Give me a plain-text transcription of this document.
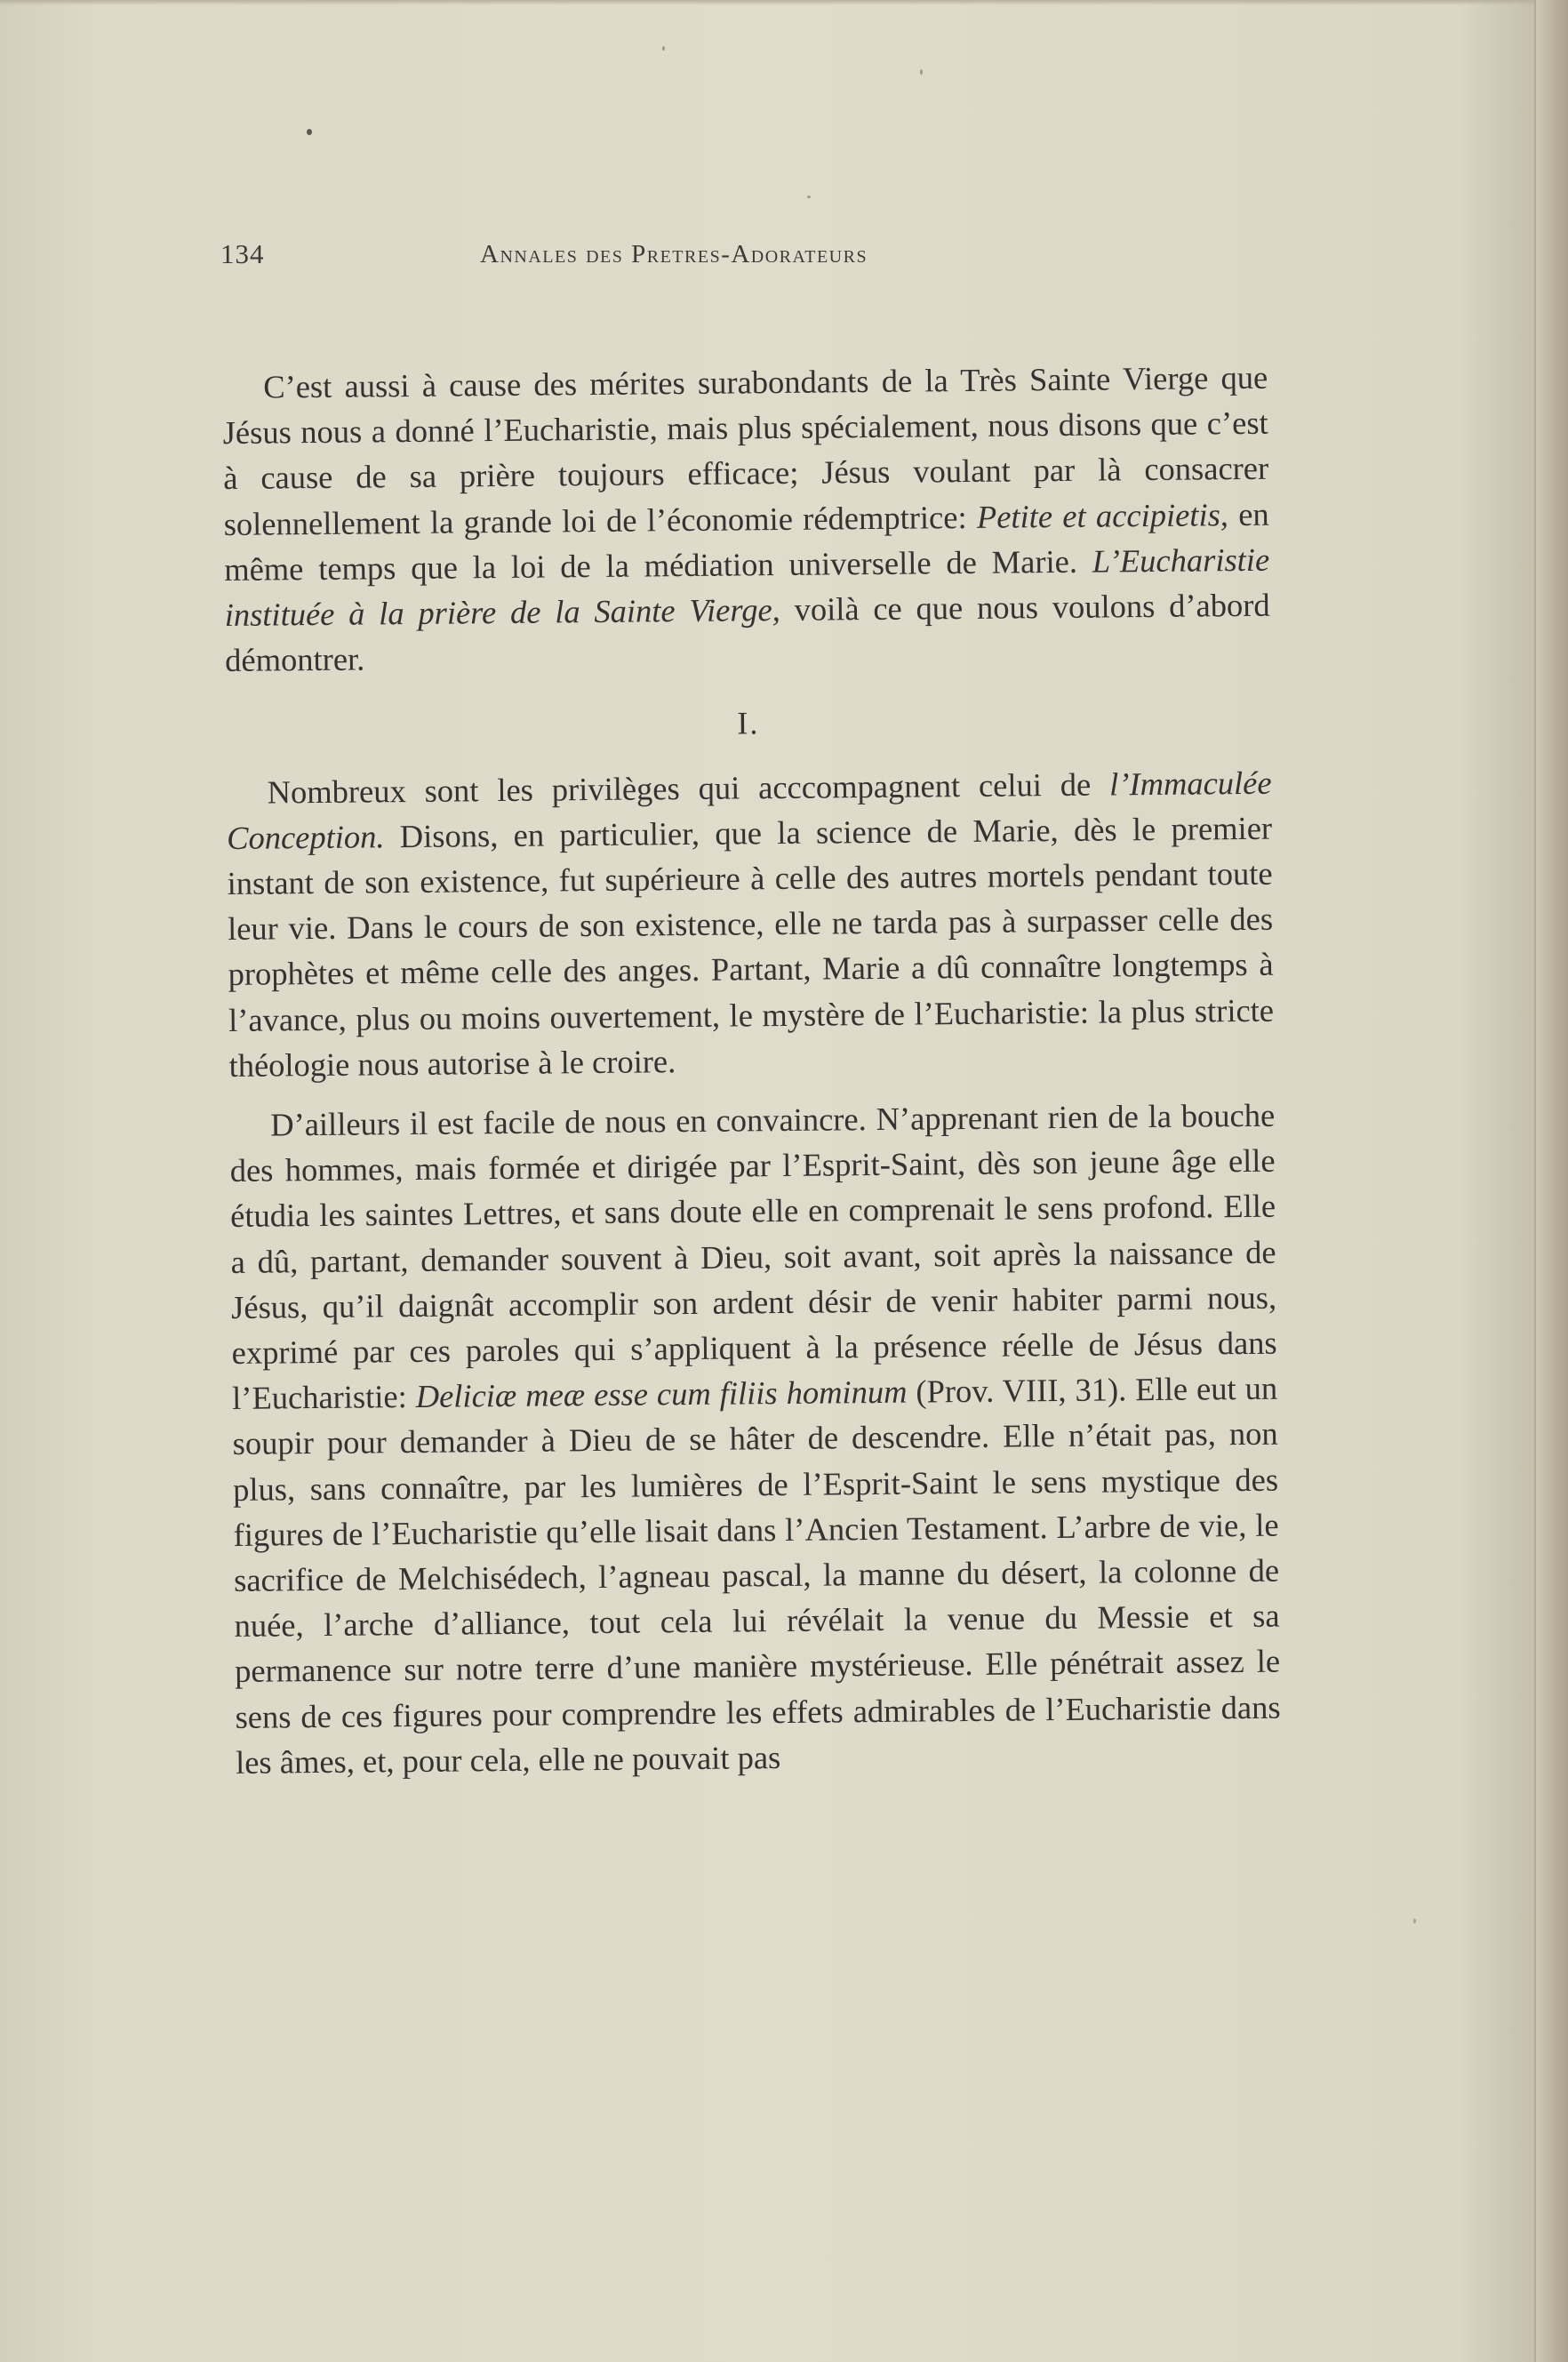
134	Annales des Pretres-Adorateurs

C’est aussi à cause des mérites surabondants de la Très Sainte Vierge que Jésus nous a donné l’Eucharistie, mais plus spécialement, nous disons que c’est à cause de sa prière toujours efficace; Jésus voulant par là consacrer solennellement la grande loi de l’économie rédemptrice: Petite et accipietis, en même temps que la loi de la médiation universelle de Marie. L’Eucharistie instituée à la prière de la Sainte Vierge, voilà ce que nous voulons d’abord démontrer.

I.

Nombreux sont les privilèges qui acccompagnent celui de l’Immaculée Conception. Disons, en particulier, que la science de Marie, dès le premier instant de son existence, fut supérieure à celle des autres mortels pendant toute leur vie. Dans le cours de son existence, elle ne tarda pas à surpasser celle des prophètes et même celle des anges. Partant, Marie a dû connaître longtemps à l’avance, plus ou moins ouvertement, le mystère de l’Eucharistie: la plus stricte théologie nous autorise à le croire.

D’ailleurs il est facile de nous en convaincre. N’apprenant rien de la bouche des hommes, mais formée et dirigée par l’Esprit-Saint, dès son jeune âge elle étudia les saintes Lettres, et sans doute elle en comprenait le sens profond. Elle a dû, partant, demander souvent à Dieu, soit avant, soit après la naissance de Jésus, qu’il daignât accomplir son ardent désir de venir habiter parmi nous, exprimé par ces paroles qui s’appliquent à la présence réelle de Jésus dans l’Eucharistie: Deliciæ meæ esse cum filiis hominum (Prov. VIII, 31). Elle eut un soupir pour demander à Dieu de se hâter de descendre. Elle n’était pas, non plus, sans connaître, par les lumières de l’Esprit-Saint le sens mystique des figures de l’Eucharistie qu’elle lisait dans l’Ancien Testament. L’arbre de vie, le sacrifice de Melchisédech, l’agneau pascal, la manne du désert, la colonne de nuée, l’arche d’alliance, tout cela lui révélait la venue du Messie et sa permanence sur notre terre d’une manière mystérieuse. Elle pénétrait assez le sens de ces figures pour comprendre les effets admirables de l’Eucharistie dans les âmes, et, pour cela, elle ne pouvait pas
